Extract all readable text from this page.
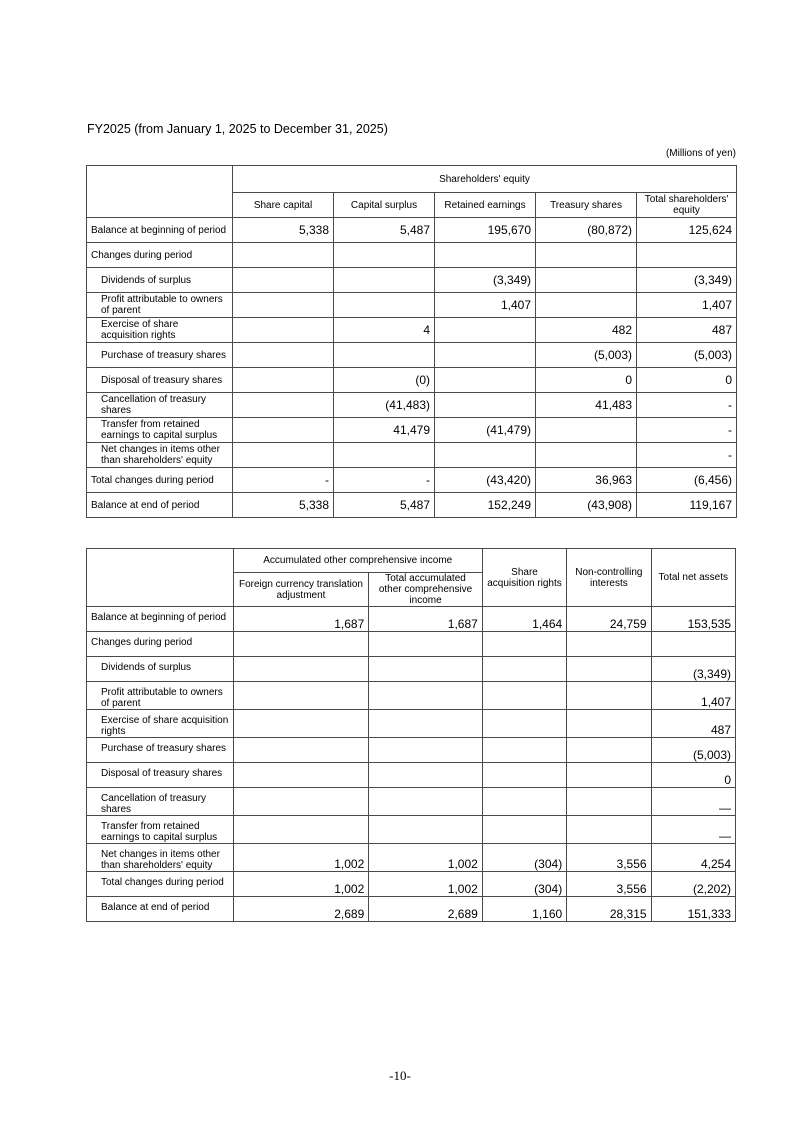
FY2025 (from January 1, 2025 to December 31, 2025)
(Millions of yen)
	Shareholders' equity				
	Share capital	Capital surplus	Retained earnings	Treasury shares	Total shareholders' equity
Balance at beginning of period	5,338	5,487	195,670	(80,872)	125,624
Changes during period					
Dividends of surplus			(3,349)		(3,349)
Profit attributable to owners of parent			1,407		1,407
Exercise of share acquisition rights		4		482	487
Purchase of treasury shares				(5,003)	(5,003)
Disposal of treasury shares		(0)		0	0
Cancellation of treasury shares		(41,483)		41,483	-
Transfer from retained earnings to capital surplus		41,479	(41,479)		-
Net changes in items other than shareholders' equity					-
Total changes during period	-	-	(43,420)	36,963	(6,456)
Balance at end of period	5,338	5,487	152,249	(43,908)	119,167
	Accumulated other comprehensive income		Share acquisition rights	Non-controlling interests	Total net assets
	Foreign currency translation adjustment	Total accumulated other comprehensive income			
Balance at beginning of period	1,687	1,687	1,464	24,759	153,535
Changes during period					
Dividends of surplus					(3,349)
Profit attributable to owners of parent					1,407
Exercise of share acquisition rights					487
Purchase of treasury shares					(5,003)
Disposal of treasury shares					0
Cancellation of treasury shares					—
Transfer from retained earnings to capital surplus					—
Net changes in items other than shareholders' equity	1,002	1,002	(304)	3,556	4,254
Total changes during period	1,002	1,002	(304)	3,556	(2,202)
Balance at end of period	2,689	2,689	1,160	28,315	151,333
-10-
